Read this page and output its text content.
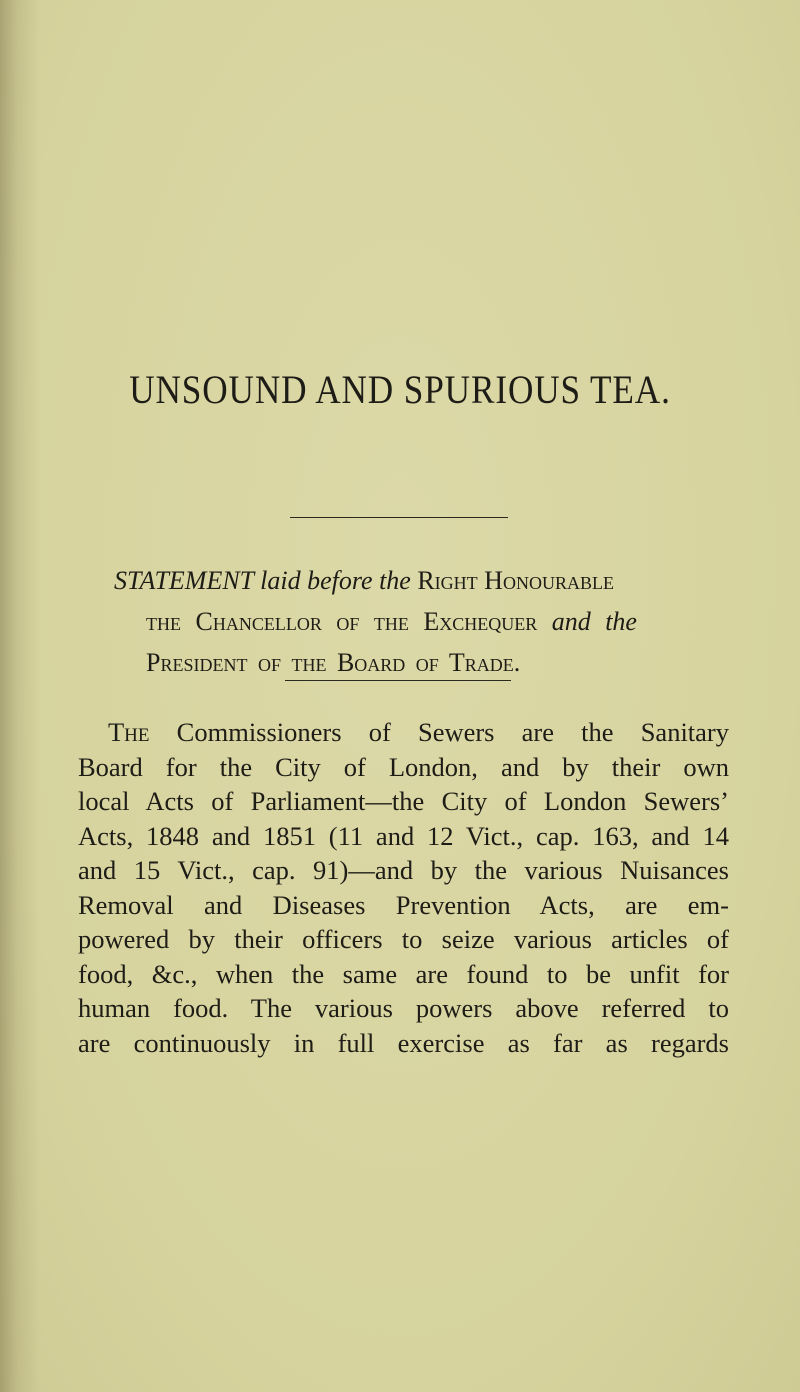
UNSOUND AND SPURIOUS TEA.
STATEMENT laid before the Right Honourable
the Chancellor of the Exchequer and the
President of the Board of Trade.
The Commissioners of Sewers are the Sanitary
Board for the City of London, and by their own
local Acts of Parliament—the City of London Sewers’
Acts, 1848 and 1851 (11 and 12 Vict., cap. 163, and 14
and 15 Vict., cap. 91)—and by the various Nuisances
Removal and Diseases Prevention Acts, are em-
powered by their officers to seize various articles of
food, &c., when the same are found to be unfit for
human food. The various powers above referred to
are continuously in full exercise as far as regards
